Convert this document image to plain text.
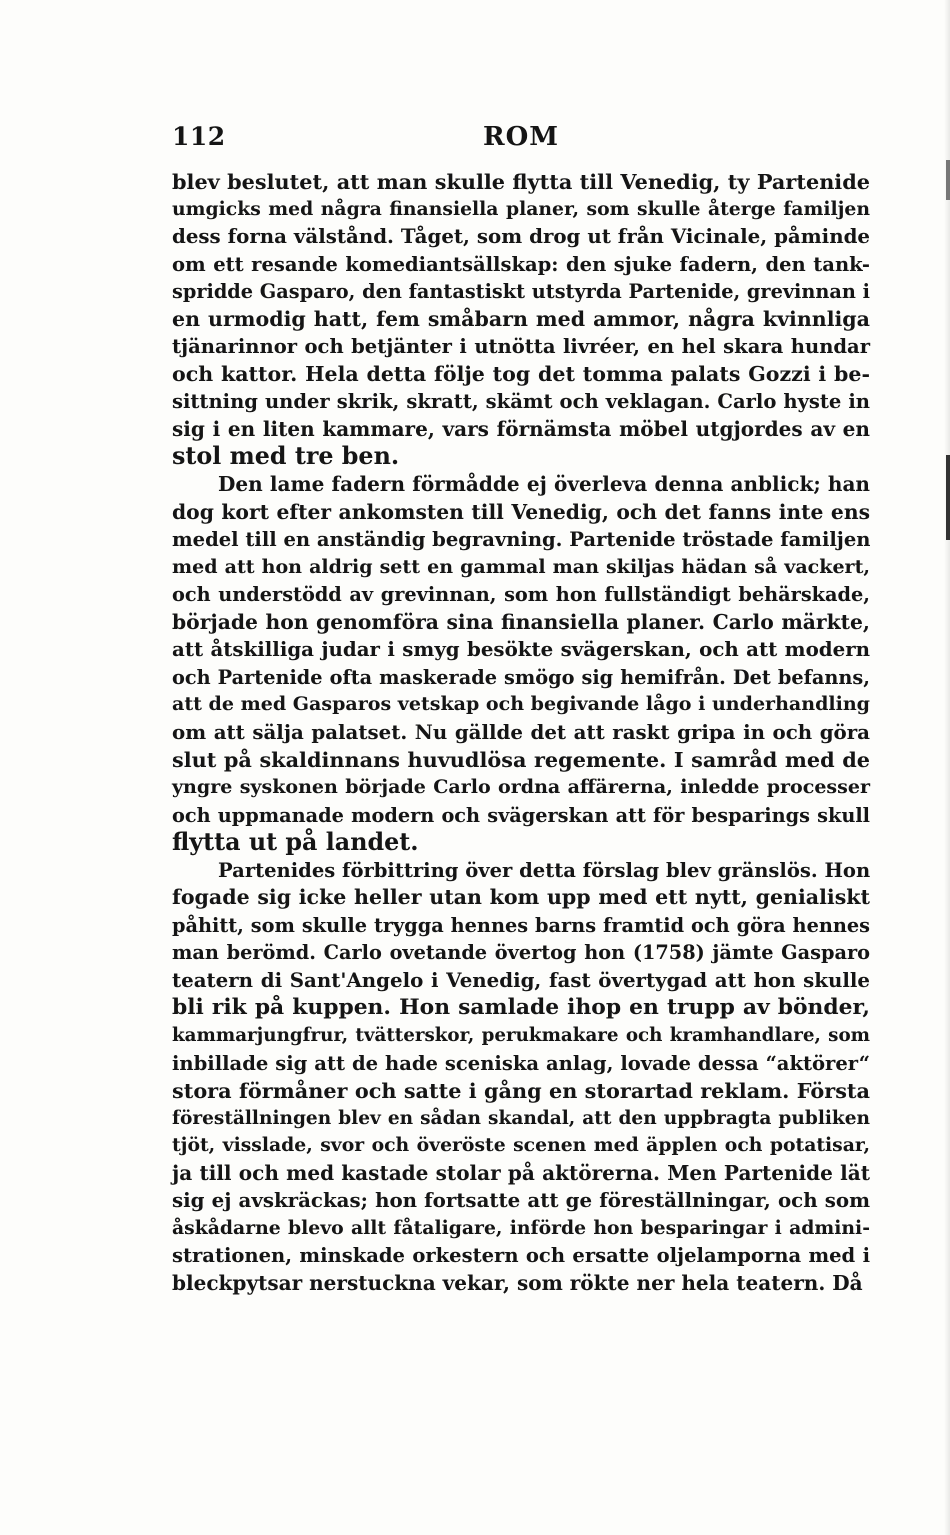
112	ROM
blev beslutet, att man skulle flytta till Venedig, ty Partenide
umgicks med några finansiella planer, som skulle återge familjen
dess forna välstånd. Tåget, som drog ut från Vicinale, påminde
om ett resande komediantsällskap: den sjuke fadern, den tank-
spridde Gasparo, den fantastiskt utstyrda Partenide, grevinnan i
en urmodig hatt, fem småbarn med ammor, några kvinnliga
tjänarinnor och betjänter i utnötta livréer, en hel skara hundar
och kattor. Hela detta följe tog det tomma palats Gozzi i be-
sittning under skrik, skratt, skämt och veklagan. Carlo hyste in
sig i en liten kammare, vars förnämsta möbel utgjordes av en
stol med tre ben.
Den lame fadern förmådde ej överleva denna anblick; han
dog kort efter ankomsten till Venedig, och det fanns inte ens
medel till en anständig begravning. Partenide tröstade familjen
med att hon aldrig sett en gammal man skiljas hädan så vackert,
och understödd av grevinnan, som hon fullständigt behärskade,
började hon genomföra sina finansiella planer. Carlo märkte,
att åtskilliga judar i smyg besökte svägerskan, och att modern
och Partenide ofta maskerade smögo sig hemifrån. Det befanns,
att de med Gasparos vetskap och begivande lågo i underhandling
om att sälja palatset. Nu gällde det att raskt gripa in och göra
slut på skaldinnans huvudlösa regemente. I samråd med de
yngre syskonen började Carlo ordna affärerna, inledde processer
och uppmanade modern och svägerskan att för besparings skull
flytta ut på landet.
Partenides förbittring över detta förslag blev gränslös. Hon
fogade sig icke heller utan kom upp med ett nytt, genialiskt
påhitt, som skulle trygga hennes barns framtid och göra hennes
man berömd. Carlo ovetande övertog hon (1758) jämte Gasparo
teatern di Sant'Angelo i Venedig, fast övertygad att hon skulle
bli rik på kuppen. Hon samlade ihop en trupp av bönder,
kammarjungfrur, tvätterskor, perukmakare och kramhandlare, som
inbillade sig att de hade sceniska anlag, lovade dessa “aktörer“
stora förmåner och satte i gång en storartad reklam. Första
föreställningen blev en sådan skandal, att den uppbragta publiken
tjöt, visslade, svor och överöste scenen med äpplen och potatisar,
ja till och med kastade stolar på aktörerna. Men Partenide lät
sig ej avskräckas; hon fortsatte att ge föreställningar, och som
åskådarne blevo allt fåtaligare, införde hon besparingar i admini-
strationen, minskade orkestern och ersatte oljelamporna med i
bleckpytsar nerstuckna vekar, som rökte ner hela teatern. Då
